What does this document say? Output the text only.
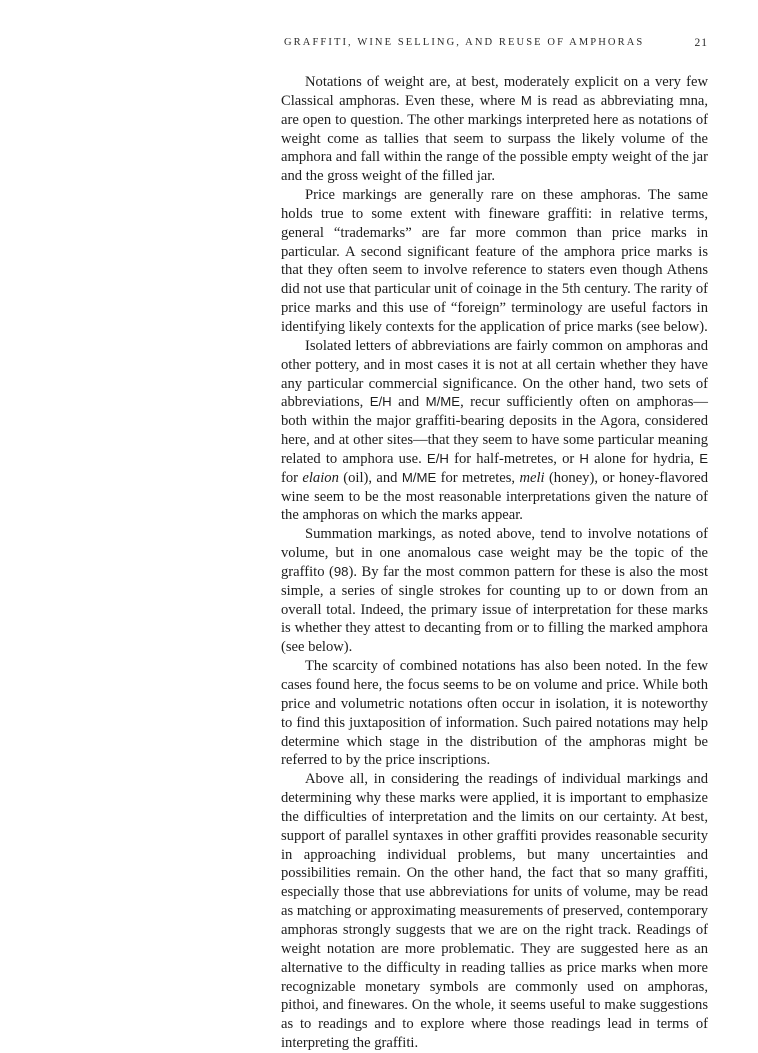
GRAFFITI, WINE SELLING, AND REUSE OF AMPHORAS	21

Notations of weight are, at best, moderately explicit on a very few Classical amphoras. Even these, where M is read as abbreviating mna, are open to question. The other markings interpreted here as notations of weight come as tallies that seem to surpass the likely volume of the amphora and fall within the range of the possible empty weight of the jar and the gross weight of the filled jar.

Price markings are generally rare on these amphoras. The same holds true to some extent with fineware graffiti: in relative terms, general “trademarks” are far more common than price marks in particular. A second significant feature of the amphora price marks is that they often seem to involve reference to staters even though Athens did not use that particular unit of coinage in the 5th century. The rarity of price marks and this use of “foreign” terminology are useful factors in identifying likely contexts for the application of price marks (see below).

Isolated letters of abbreviations are fairly common on amphoras and other pottery, and in most cases it is not at all certain whether they have any particular commercial significance. On the other hand, two sets of abbreviations, E/H and M/ME, recur sufficiently often on amphoras—both within the major graffiti-bearing deposits in the Agora, considered here, and at other sites—that they seem to have some particular meaning related to amphora use. E/H for half-metretes, or H alone for hydria, E for elaion (oil), and M/ME for metretes, meli (honey), or honey-flavored wine seem to be the most reasonable interpretations given the nature of the amphoras on which the marks appear.

Summation markings, as noted above, tend to involve notations of volume, but in one anomalous case weight may be the topic of the graffito (98). By far the most common pattern for these is also the most simple, a series of single strokes for counting up to or down from an overall total. Indeed, the primary issue of interpretation for these marks is whether they attest to decanting from or to filling the marked amphora (see below).

The scarcity of combined notations has also been noted. In the few cases found here, the focus seems to be on volume and price. While both price and volumetric notations often occur in isolation, it is noteworthy to find this juxtaposition of information. Such paired notations may help determine which stage in the distribution of the amphoras might be referred to by the price inscriptions.

Above all, in considering the readings of individual markings and determining why these marks were applied, it is important to emphasize the difficulties of interpretation and the limits on our certainty. At best, support of parallel syntaxes in other graffiti provides reasonable security in approaching individual problems, but many uncertainties and possibilities remain. On the other hand, the fact that so many graffiti, especially those that use abbreviations for units of volume, may be read as matching or approximating measurements of preserved, contemporary amphoras strongly suggests that we are on the right track. Readings of weight notation are more problematic. They are suggested here as an alternative to the difficulty in reading tallies as price marks when more recognizable monetary symbols are commonly used on amphoras, pithoi, and finewares. On the whole, it seems useful to make suggestions as to readings and to explore where those readings lead in terms of interpreting the graffiti.
